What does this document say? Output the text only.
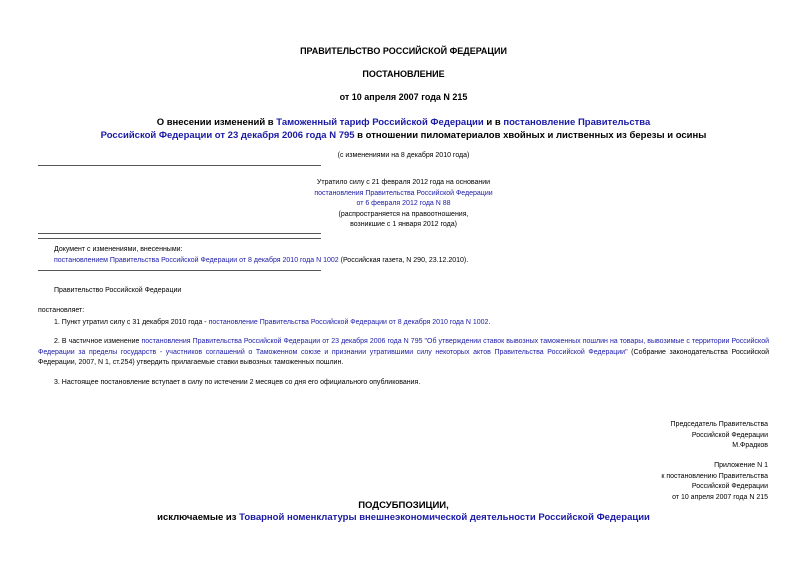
ПРАВИТЕЛЬСТВО РОССИЙСКОЙ ФЕДЕРАЦИИ
ПОСТАНОВЛЕНИЕ
от 10 апреля 2007 года N 215
О внесении изменений в Таможенный тариф Российской Федерации и в постановление Правительства
Российской Федерации от 23 декабря 2006 года N 795 в отношении пиломатериалов хвойных и лиственных из березы и осины
(с изменениями на 8 декабря 2010 года)
Утратило силу с 21 февраля 2012 года на основании
постановления Правительства Российской Федерации
от 6 февраля 2012 года N 88
(распространяется на правоотношения,
возникшие с 1 января 2012 года)
Документ с изменениями, внесенными:
постановлением Правительства Российской Федерации от 8 декабря 2010 года N 1002 (Российская газета, N 290, 23.12.2010).
Правительство Российской Федерации
постановляет:
1. Пункт утратил силу с 31 декабря 2010 года - постановление Правительства Российской Федерации от 8 декабря 2010 года N 1002.
2. В частичное изменение постановления Правительства Российской Федерации от 23 декабря 2006 года N 795 "Об утверждении ставок вывозных таможенных пошлин на товары, вывозимые с территории Российской Федерации за пределы государств - участников соглашений о Таможенном союзе и признании утратившими силу некоторых актов Правительства Российской Федерации" (Собрание законодательства Российской Федерации, 2007, N 1, ст.254) утвердить прилагаемые ставки вывозных таможенных пошлин.
3. Настоящее постановление вступает в силу по истечении 2 месяцев со дня его официального опубликования.
Председатель Правительства
Российской Федерации
М.Фрадков
Приложение N 1
к постановлению Правительства
Российской Федерации
от 10 апреля 2007 года N 215
ПОДСУБПОЗИЦИИ,
исключаемые из Товарной номенклатуры внешнеэкономической деятельности Российской Федерации
